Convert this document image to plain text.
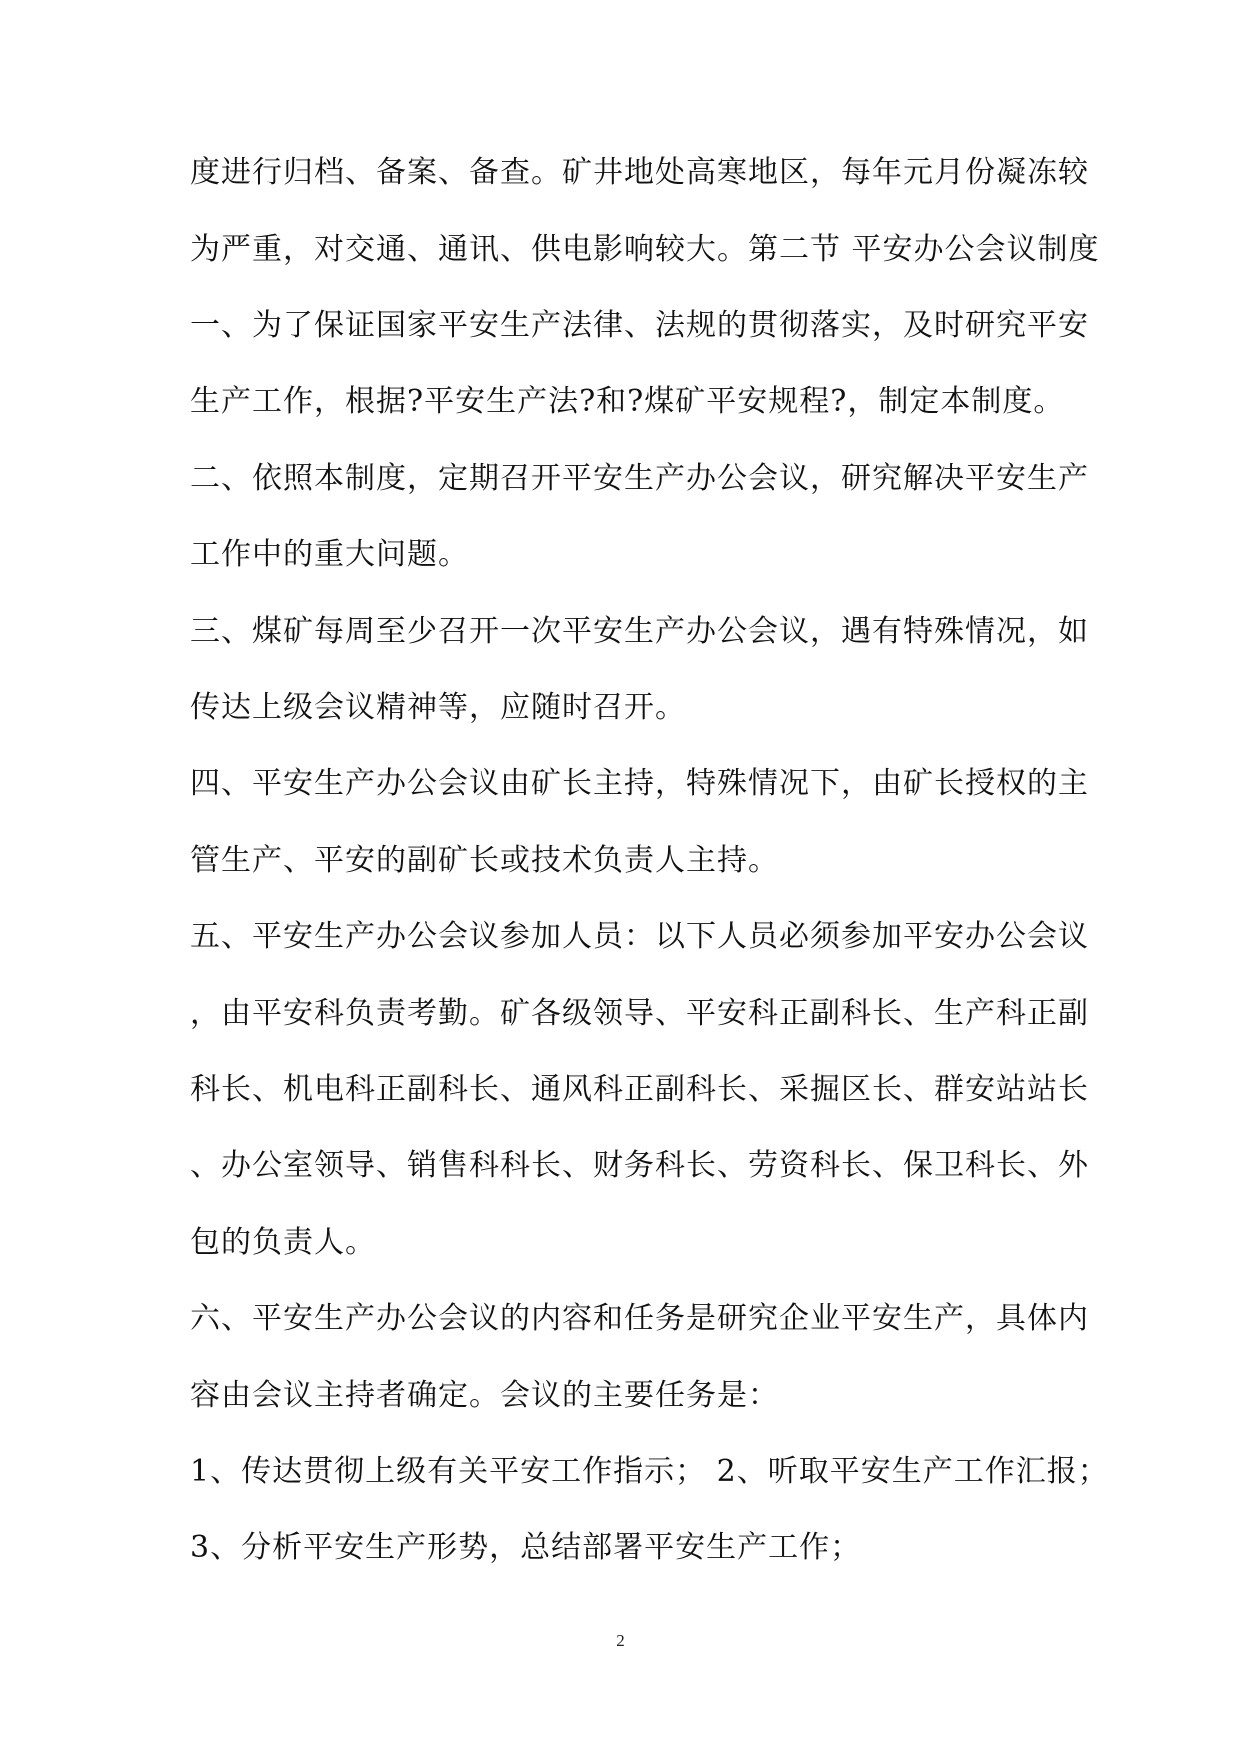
度进行归档、备案、备查。矿井地处高寒地区，每年元月份凝冻较
为严重，对交通、通讯、供电影响较大。第二节 平安办公会议制度
一、为了保证国家平安生产法律、法规的贯彻落实，及时研究平安
生产工作，根据?平安生产法?和?煤矿平安规程?，制定本制度。
二、依照本制度，定期召开平安生产办公会议，研究解决平安生产
工作中的重大问题。
三、煤矿每周至少召开一次平安生产办公会议，遇有特殊情况，如
传达上级会议精神等，应随时召开。
四、平安生产办公会议由矿长主持，特殊情况下，由矿长授权的主
管生产、平安的副矿长或技术负责人主持。
五、平安生产办公会议参加人员：以下人员必须参加平安办公会议
，由平安科负责考勤。矿各级领导、平安科正副科长、生产科正副
科长、机电科正副科长、通风科正副科长、采掘区长、群安站站长
、办公室领导、销售科科长、财务科长、劳资科长、保卫科长、外
包的负责人。
六、平安生产办公会议的内容和任务是研究企业平安生产，具体内
容由会议主持者确定。会议的主要任务是：
1、传达贯彻上级有关平安工作指示； 2、听取平安生产工作汇报；
3、分析平安生产形势，总结部署平安生产工作；
2
